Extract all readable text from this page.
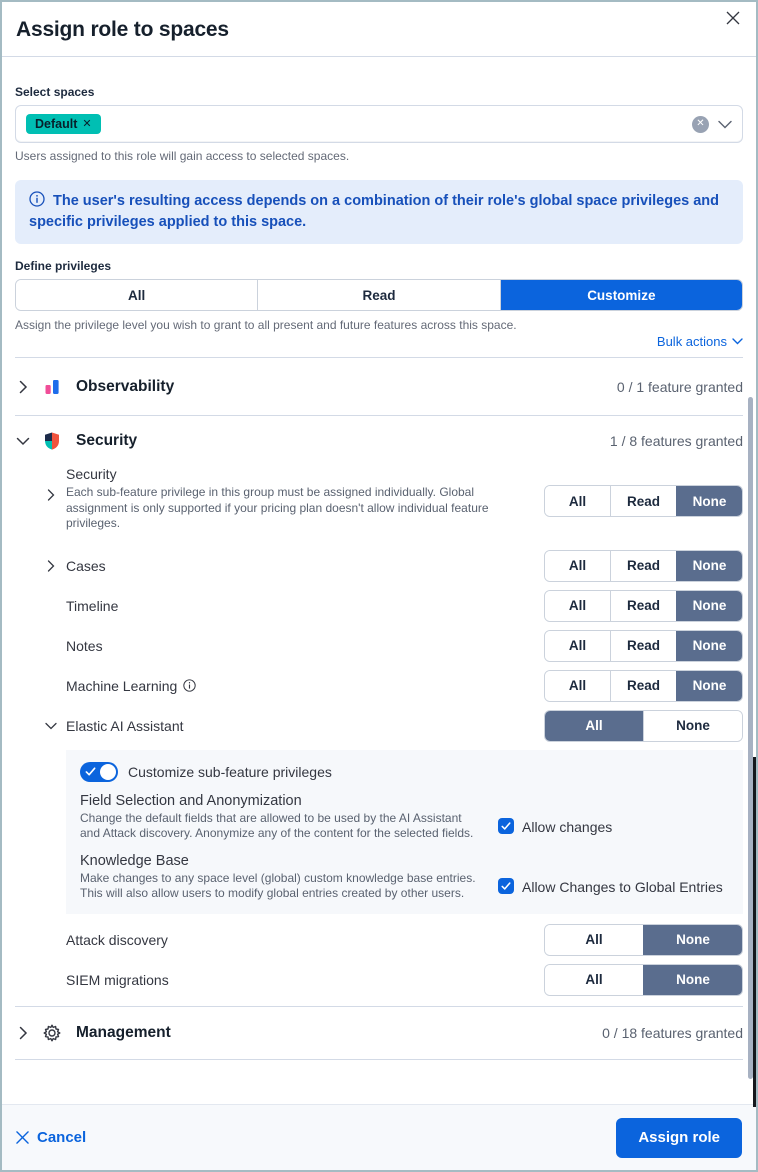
Assign role to spaces
Select spaces
Default ✕	✕
Users assigned to this role will gain access to selected spaces.
The user's resulting access depends on a combination of their role's global space privileges and specific privileges applied to this space.
Define privileges
All	Read	Customize
Assign the privilege level you wish to grant to all present and future features across this space.
Bulk actions
Observability	0 / 1 feature granted
Security	1 / 8 features granted
Security
Each sub-feature privilege in this group must be assigned individually. Global assignment is only supported if your pricing plan doesn't allow individual feature privileges.
All	Read	None
Cases	All	Read	None
Timeline	All	Read	None
Notes	All	Read	None
Machine Learning	All	Read	None
Elastic AI Assistant	All	None
Customize sub-feature privileges
Field Selection and Anonymization
Change the default fields that are allowed to be used by the AI Assistant and Attack discovery. Anonymize any of the content for the selected fields.	Allow changes
Knowledge Base
Make changes to any space level (global) custom knowledge base entries. This will also allow users to modify global entries created by other users.	Allow Changes to Global Entries
Attack discovery	All	None
SIEM migrations	All	None
Management	0 / 18 features granted
Cancel	Assign role
